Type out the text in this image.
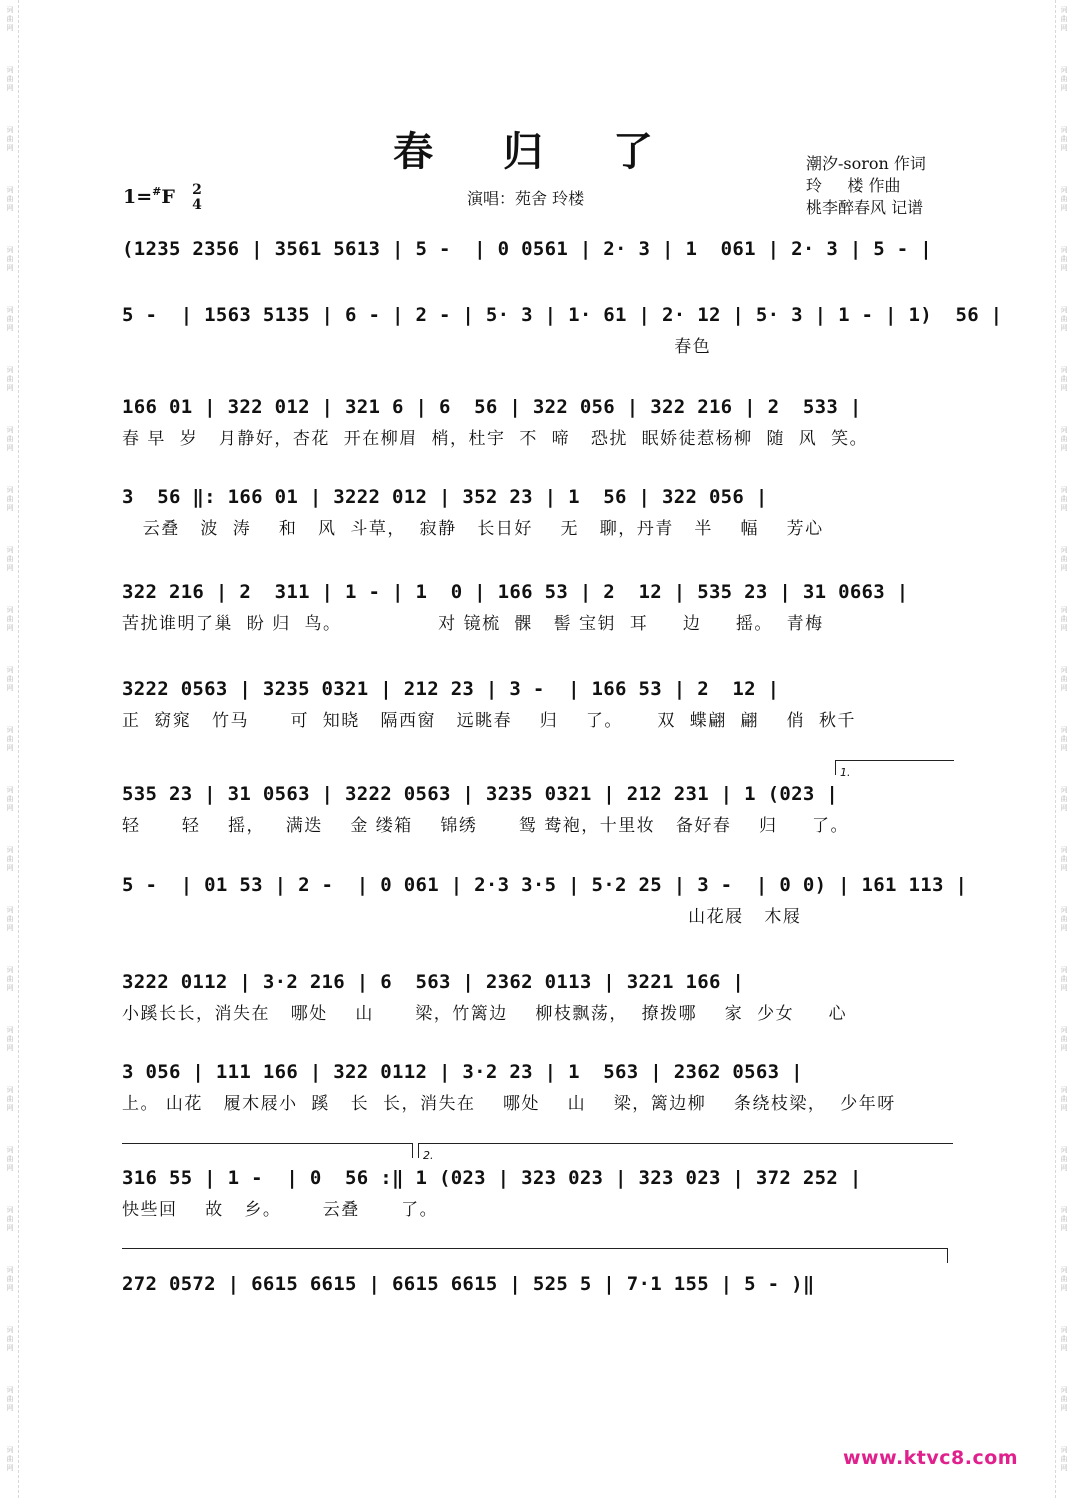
词
曲
网
词
曲
网
词
曲
网
词
曲
网
词
曲
网
词
曲
网
词
曲
网
词
曲
网
词
曲
网
词
曲
网
词
曲
网
词
曲
网
词
曲
网
词
曲
网
词
曲
网
词
曲
网
词
曲
网
词
曲
网
词
曲
网
词
曲
网
词
曲
网
词
曲
网
词
曲
网
词
曲
网
词
曲
网
词
曲
网
词
曲
网
词
曲
网
词
曲
网
词
曲
网
词
曲
网
词
曲
网
词
曲
网
词
曲
网
词
曲
网
词
曲
网
词
曲
网
词
曲
网
词
曲
网
词
曲
网
词
曲
网
词
曲
网
词
曲
网
词
曲
网
词
曲
网
词
曲
网
词
曲
网
词
曲
网
词
曲
网
词
曲
网
春 归 了
1=#F	2
4	演唱：苑舍 玲楼
潮汐-soron 作词
玲     楼 作曲
桃李醉春风 记谱
(1235 2356 | 3561 5613 | 5 -  | 0 0561 | 2· 3 | 1  061 | 2· 3 | 5 - |
5 -  | 1563 5135 | 6 - | 2 - | 5· 3 | 1· 61 | 2· 12 | 5· 3 | 1 - | 1)  56 |
春色
166 01 | 322 012 | 321 6 | 6  56 | 322 056 | 322 216 | 2  533 |
春 早  岁   月静好，杏花  开在柳眉  梢，杜宇  不  啼   恐扰  眠娇徒惹杨柳  随  风  笑。
3  56 ‖: 166 01 | 3222 012 | 352 23 | 1  56 | 322 056 |
云叠   波  涛    和   风  斗草，  寂静   长日好    无   聊，丹青   半    幅    芳心
322 216 | 2  311 | 1 - | 1  0 | 166 53 | 2  12 | 535 23 | 31 0663 |
苦扰谁明了巢  盼 归  鸟。              对 镜梳  髁   髻 宝钥  耳     边     摇。  青梅
3222 0563 | 3235 0321 | 212 23 | 3 -  | 166 53 | 2  12 |
正  窈窕   竹马      可  知晓   隔西窗   远眺春    归    了。     双  蝶翩  翩    俏  秋千
1.
535 23 | 31 0563 | 3222 0563 | 3235 0321 | 212 231 | 1 (023 |
轻      轻    摇，   满迭    金 缕箱    锦绣      鸳 鸯袍，十里妆   备好春    归     了。
5 -  | 01 53 | 2 -  | 0 061 | 2·3 3·5 | 5·2 25 | 3 -  | 0 0) | 161 113 |
山花屐   木屐
3222 0112 | 3·2 216 | 6  563 | 2362 0113 | 3221 166 |
小蹊长长，消失在   哪处    山      梁，竹篱边    柳枝飘荡，  撩拨哪    家  少女     心
3 056 | 111 166 | 322 0112 | 3·2 23 | 1  563 | 2362 0563 |
上。 山花   履木屐小  蹊   长  长，消失在    哪处    山    梁，篱边柳    条绕枝梁，  少年呀
2.
316 55 | 1 -  | 0  56 :‖ 1 (023 | 323 023 | 323 023 | 372 252 |
快些回    故   乡。      云叠      了。
272 0572 | 6615 6615 | 6615 6615 | 525 5 | 7·1 155 | 5 - )‖
www.ktvc8.com
